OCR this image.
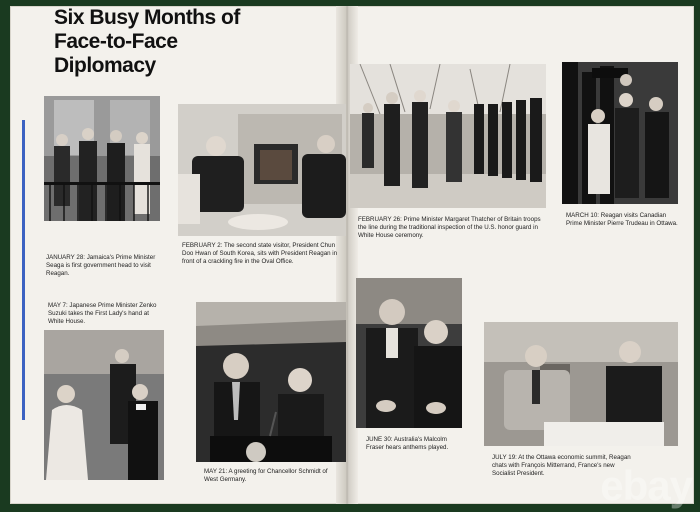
Six Busy Months of
Face-to-Face Diplomacy
JANUARY 28: Jamaica's Prime Minister Seaga is first government head to visit Reagan.
FEBRUARY 2: The second state visitor, President Chun Doo Hwan of South Korea, sits with President Reagan in front of a crackling fire in the Oval Office.
FEBRUARY 26: Prime Minister Margaret Thatcher of Britain troops the line during the traditional inspection of the U.S. honor guard in White House ceremony.
MARCH 10: Reagan visits Canadian Prime Minister Pierre Trudeau in Ottawa.
MAY 7: Japanese Prime Minister Zenko Suzuki takes the First Lady's hand at White House.
MAY 21: A greeting for Chancellor Schmidt of West Germany.
JUNE 30: Australia's Malcolm Fraser hears anthems played.
JULY 19: At the Ottawa economic summit, Reagan chats with François Mitterrand, France's new Socialist President.	ebay
